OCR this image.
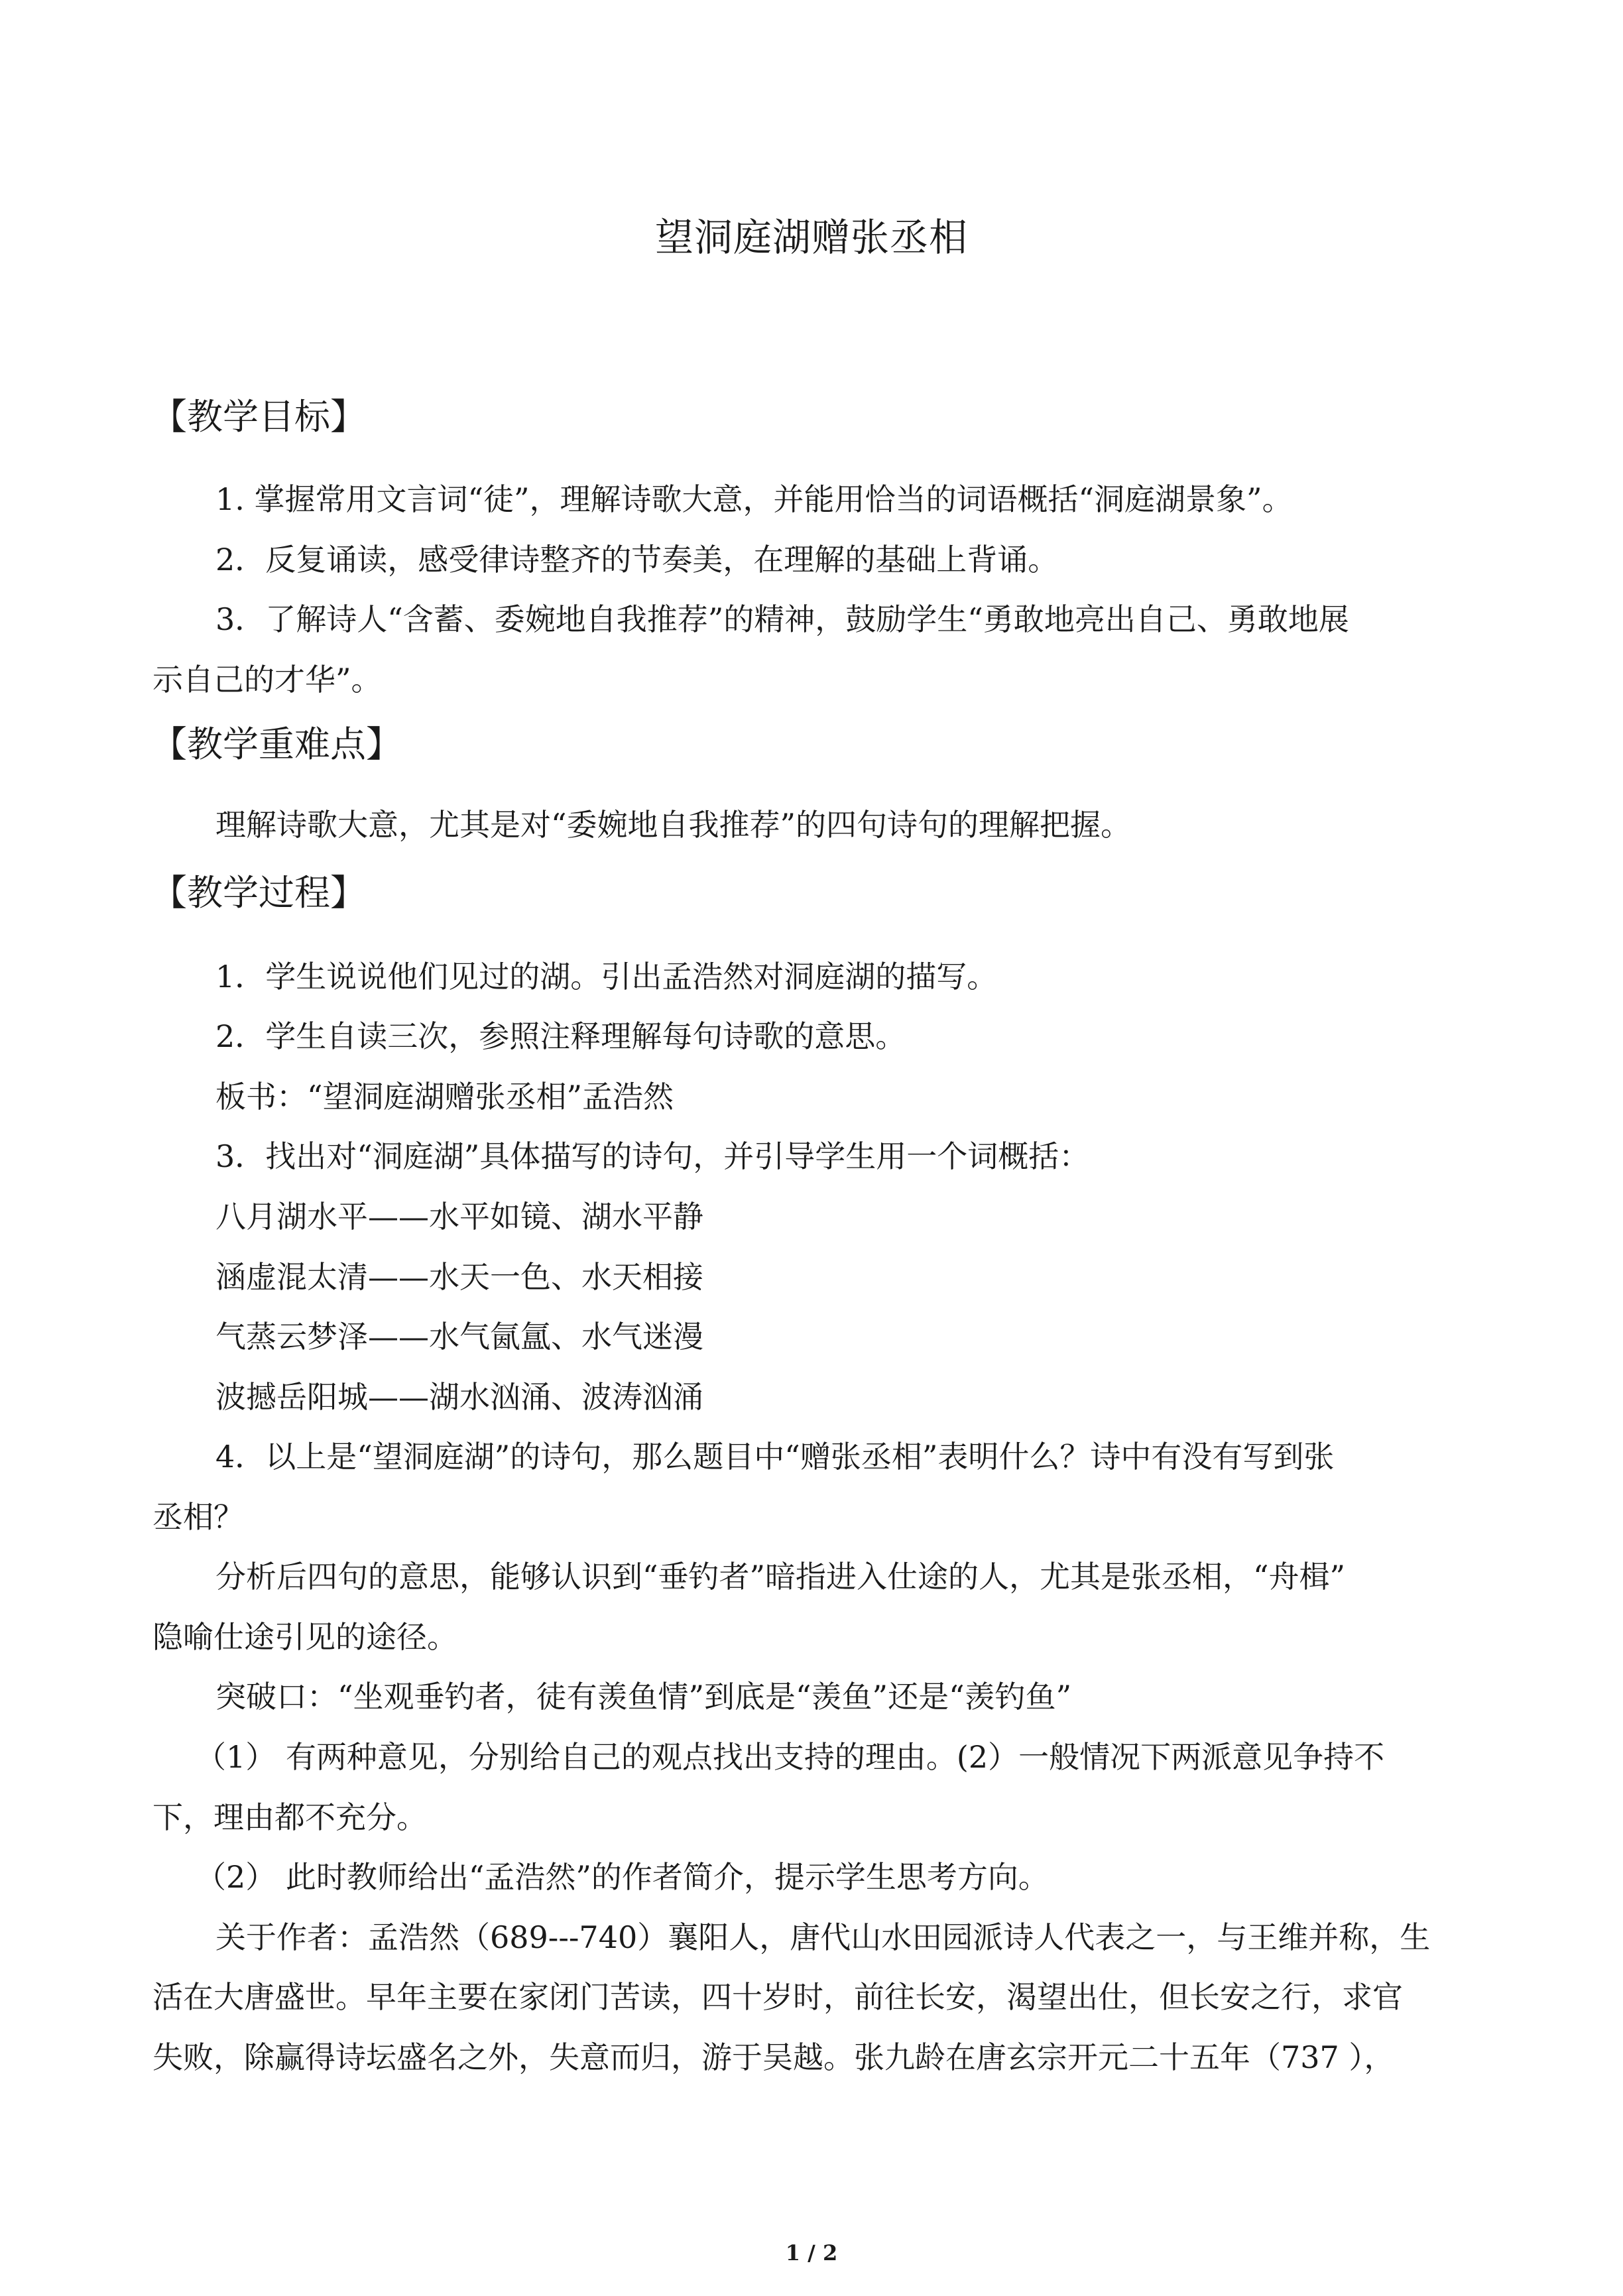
望洞庭湖赠张丞相
【教学目标】
1. 掌握常用文言词“徒”，理解诗歌大意，并能用恰当的词语概括“洞庭湖景象”。
2．反复诵读，感受律诗整齐的节奏美，在理解的基础上背诵。
3．了解诗人“含蓄、委婉地自我推荐”的精神，鼓励学生“勇敢地亮出自己、勇敢地展
示自己的才华”。
【教学重难点】
理解诗歌大意，尤其是对“委婉地自我推荐”的四句诗句的理解把握。
【教学过程】
1．学生说说他们见过的湖。引出孟浩然对洞庭湖的描写。
2．学生自读三次，参照注释理解每句诗歌的意思。
板书：“望洞庭湖赠张丞相”孟浩然
3．找出对“洞庭湖”具体描写的诗句，并引导学生用一个词概括：
八月湖水平——水平如镜、湖水平静
涵虚混太清——水天一色、水天相接
气蒸云梦泽——水气氤氲、水气迷漫
波撼岳阳城——湖水汹涌、波涛汹涌
4．以上是“望洞庭湖”的诗句，那么题目中“赠张丞相”表明什么？诗中有没有写到张
丞相？
分析后四句的意思，能够认识到“垂钓者”暗指进入仕途的人，尤其是张丞相，“舟楫”
隐喻仕途引见的途径。
突破口：“坐观垂钓者，徒有羡鱼情”到底是“羡鱼”还是“羡钓鱼”
（1） 有两种意见，分别给自己的观点找出支持的理由。(2）一般情况下两派意见争持不
下，理由都不充分。
（2） 此时教师给出“孟浩然”的作者简介，提示学生思考方向。
关于作者：孟浩然（689---740）襄阳人，唐代山水田园派诗人代表之一，与王维并称，生
活在大唐盛世。早年主要在家闭门苦读，四十岁时，前往长安，渴望出仕，但长安之行，求官
失败，除赢得诗坛盛名之外，失意而归，游于吴越。张九龄在唐玄宗开元二十五年（737 ），
1 / 2
